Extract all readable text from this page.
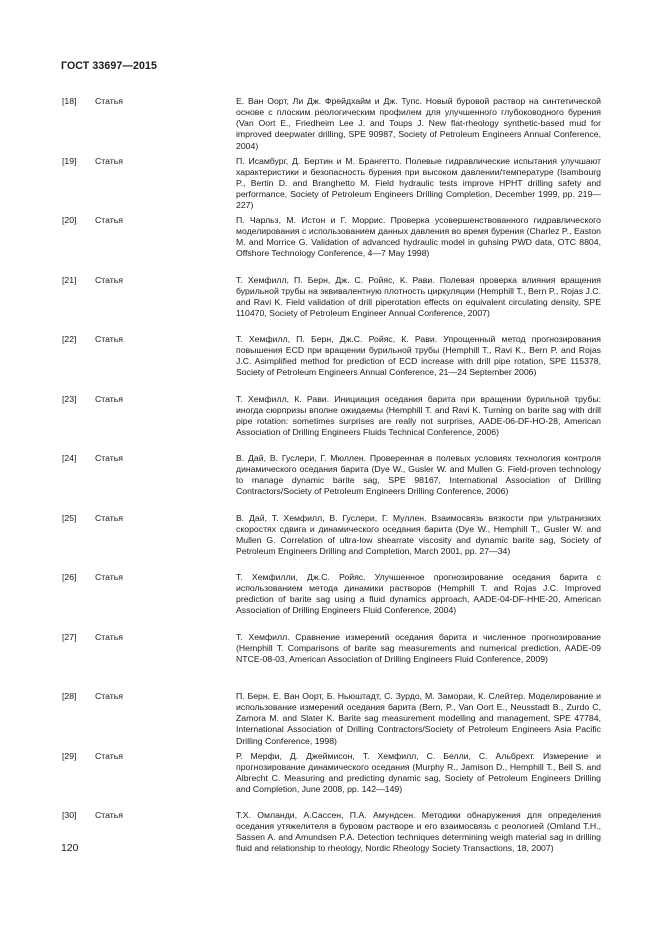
ГОСТ 33697—2015
[18] Статья	Е. Ван Оорт, Ли Дж. Фрейдхайм и Дж. Тупс. Новый буровой раствор на синтетической основе с плоским реологическим профилем для улучшенного глубоководного бурения (Van Oort E., Friedheim Lee J. and Toups J. New flat-rheology synthetic-based mud for improved deepwater drilling, SPE 90987, Society of Petroleum Engineers Annual Conference, 2004)
[19] Статья	П. Исамбург, Д. Бертин и М. Брангетто. Полевые гидравлические испытания улучшают характеристики и безопасность бурения при высоком давлении/температуре (Isambourg P., Bertin D. and Branghetto M. Field hydraulic tests improve HPHT drilling safety and performance, Society of Petroleum Engineers Drilling Completion, December 1999, pp. 219—227)
[20] Статья	П. Чарльз, М. Истон и Г. Моррис. Проверка усовершенствованного гидравлического моделирования с использованием данных давления во время бурения (Charlez P., Easton M. and Morrice G. Validation of advanced hydraulic model in guhsing PWD data, OTC 8804, Offshore Technology Conference, 4—7 May 1998)
[21] Статья	Т. Хемфилл, П. Берн, Дж. С. Ройяс, К. Рави. Полевая проверка влияния вращения бурильной трубы на эквивалентную плотность циркуляции (Hemphill T., Bern P., Rojas J.C. and Ravi K. Field validation of drill piperotation effects on equivalent circulating density, SPE 110470, Society of Petroleum Engineer Annual Conference, 2007)
[22] Статья	Т. Хемфилл, П. Берн, Дж.С. Ройяс, К. Рави. Упрощенный метод прогнозирования повышения ECD при вращении бурильной трубы (Hemphill T., Ravi K., Bern P. and Rojas J.C. Asimplified method for prediction of ECD increase with drill pipe rotation, SPE 115378, Society of Petroleum Engineers Annual Conference, 21—24 September 2006)
[23] Статья	Т. Хемфилл, К. Рави. Инициация оседания барита при вращении бурильной трубы: иногда сюрпризы вполне ожидаемы (Hemphill T. and Ravi K. Turning on barite sag with drill pipe rotation: sometimes surprises are really not surprises, AADE-06-DF-HO-28, American Association of Drilling Engineers Fluids Technical Conference, 2006)
[24] Статья	В. Дай, В. Гуслери, Г. Мюллен. Проверенная в полевых условиях технология контроля динамического оседания барита (Dye W., Gusler W. and Mullen G. Field-proven technology to manage dynamic barite sag, SPE 98167, International Association of Drilling Contractors/Society of Petroleum Engineers Drilling Conference, 2006)
[25] Статья	В. Дай, Т. Хемфилл, В. Гуслери, Г. Муллен. Взаимосвязь вязкости при ультранизких скоростях сдвига и динамического оседания барита (Dye W., Hemphill T., Gusler W. and Mullen G. Correlation of ultra-low shearrate viscosity and dynamic barite sag, Society of Petroleum Engineers Drilling and Completion, March 2001, pp. 27—34)
[26] Статья	Т. Хемфилли, Дж.С. Ройяс. Улучшенное прогнозирование оседания барита с использованием метода динамики растворов (Hemphill T. and Rojas J.C. Improved prediction of barite sag using a fluid dynamics approach, AADE-04-DF-HHE-20, American Association of Drilling Engineers Fluid Conference, 2004)
[27] Статья	Т. Хемфилл. Сравнение измерений оседания барита и численное прогнозирование (Hemphill T. Comparisons of barite sag measurements and numerical prediction, AADE-09 NTCE-08-03, American Association of Drilling Engineers Fluid Conference, 2009)
[28] Статья	П. Берн, Е. Ван Оорт, Б. Ньюштадт, С. Зурдо, М. Замораи, К. Слейтер. Моделирование и использование измерений оседания барита (Bern, P., Van Oort E., Neusstadt B., Zurdo C, Zamora M. and Slater K. Barite sag measurement modelling and management, SPE 47784, International Association of Drilling Contractors/Society of Petroleum Engineers Asia Pacific Drilling Conference, 1998)
[29] Статья	Р. Мерфи, Д. Джеймисон, Т. Хемфилл, С. Белли, С. Альбрехт. Измерение и прогнозирование динамического оседания (Murphy R., Jamison D., Hemphill T., Bell S. and Albrecht C. Measuring and predicting dynamic sag, Society of Petroleum Engineers Drilling and Completion, June 2008, pp. 142—149)
[30] Статья	Т.Х. Омланди, А.Сассен, П.А. Амундсен. Методики обнаружения для определения оседания утяжелителя в буровом растворе и его взаимосвязь с реологией (Omland T.H., Sassen A. and Amundsen P.A. Detection techniques determining weigh material sag in drilling fluid and relationship to rheology, Nordic Rheology Society Transactions, 18, 2007)
120
